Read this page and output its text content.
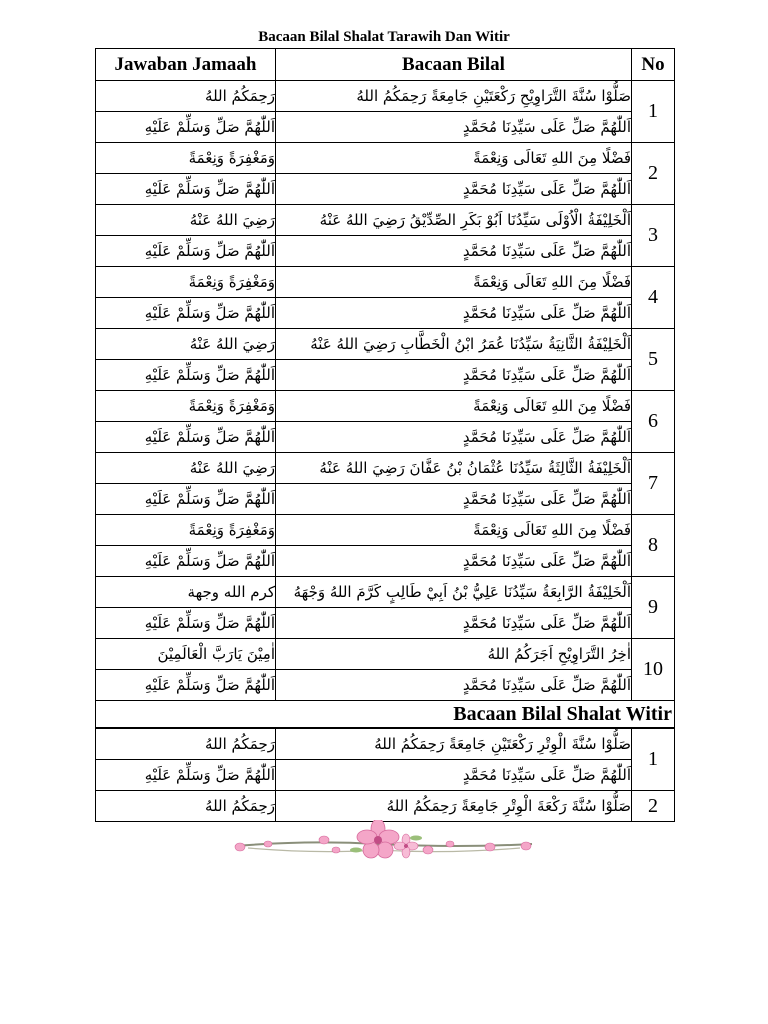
Bacaan Bilal Shalat Tarawih Dan Witir
Jawaban Jamaah	Bacaan Bilal	No
رَحِمَكُمُ اللهُ	صَلُّوْا سُنَّةَ التَّرَاوِيْحِ رَكْعَتَيْنِ جَامِعَةً رَحِمَكُمُ اللهُ	1
اَللّٰهُمَّ صَلِّ وَسَلِّمْ عَلَيْهِ	اَللّٰهُمَّ صَلِّ عَلَى سَيِّدِنَا مُحَمَّدٍ	
وَمَغْفِرَةً وَنِعْمَةً	فَضْلًا مِنَ اللهِ تَعَالَى وَنِعْمَةً	2
اَللّٰهُمَّ صَلِّ وَسَلِّمْ عَلَيْهِ	اَللّٰهُمَّ صَلِّ عَلَى سَيِّدِنَا مُحَمَّدٍ	
رَضِيَ اللهُ عَنْهُ	اَلْخَلِيْفَةُ الْاُوْلَى سَيِّدُنَا اَبُوْ بَكَرِ الصِّدِّيْقُ رَضِيَ اللهُ عَنْهُ	3
اَللّٰهُمَّ صَلِّ وَسَلِّمْ عَلَيْهِ	اَللّٰهُمَّ صَلِّ عَلَى سَيِّدِنَا مُحَمَّدٍ	
وَمَغْفِرَةً وَنِعْمَةً	فَضْلًا مِنَ اللهِ تَعَالَى وَنِعْمَةً	4
اَللّٰهُمَّ صَلِّ وَسَلِّمْ عَلَيْهِ	اَللّٰهُمَّ صَلِّ عَلَى سَيِّدِنَا مُحَمَّدٍ	
رَضِيَ اللهُ عَنْهُ	اَلْخَلِيْفَةُ الثَّانِيَةُ سَيِّدُنَا عُمَرُ ابْنُ الْخَطَّابِ رَضِيَ اللهُ عَنْهُ	5
اَللّٰهُمَّ صَلِّ وَسَلِّمْ عَلَيْهِ	اَللّٰهُمَّ صَلِّ عَلَى سَيِّدِنَا مُحَمَّدٍ	
وَمَغْفِرَةً وَنِعْمَةً	فَضْلًا مِنَ اللهِ تَعَالَى وَنِعْمَةً	6
اَللّٰهُمَّ صَلِّ وَسَلِّمْ عَلَيْهِ	اَللّٰهُمَّ صَلِّ عَلَى سَيِّدِنَا مُحَمَّدٍ	
رَضِيَ اللهُ عَنْهُ	اَلْخَلِيْفَةُ الثَّالِثَةُ سَيِّدُنَا عُثْمَانُ بْنُ عَفَّانَ رَضِيَ اللهُ عَنْهُ	7
اَللّٰهُمَّ صَلِّ وَسَلِّمْ عَلَيْهِ	اَللّٰهُمَّ صَلِّ عَلَى سَيِّدِنَا مُحَمَّدٍ	
وَمَغْفِرَةً وَنِعْمَةً	فَضْلًا مِنَ اللهِ تَعَالَى وَنِعْمَةً	8
اَللّٰهُمَّ صَلِّ وَسَلِّمْ عَلَيْهِ	اَللّٰهُمَّ صَلِّ عَلَى سَيِّدِنَا مُحَمَّدٍ	
كرم الله وجهة	اَلْخَلِيْفَةُ الرَّابِعَةُ سَيِّدُنَا عَلِيُّ بْنُ اَبِيْ طَالِبٍ كَرَّمَ اللهُ وَجْهَهُ	9
اَللّٰهُمَّ صَلِّ وَسَلِّمْ عَلَيْهِ	اَللّٰهُمَّ صَلِّ عَلَى سَيِّدِنَا مُحَمَّدٍ	
اٰمِيْنَ يَارَبَّ الْعَالَمِيْنَ	اٰخِرُ التَّرَاوِيْحِ اَجَرَكُمُ اللهُ	10
اَللّٰهُمَّ صَلِّ وَسَلِّمْ عَلَيْهِ	اَللّٰهُمَّ صَلِّ عَلَى سَيِّدِنَا مُحَمَّدٍ	
Bacaan Bilal Shalat Witir		
رَحِمَكُمُ اللهُ	صَلُّوْا سُنَّةَ الْوِتْرِ رَكْعَتَيْنِ جَامِعَةً رَحِمَكُمُ اللهُ	1
اَللّٰهُمَّ صَلِّ وَسَلِّمْ عَلَيْهِ	اَللّٰهُمَّ صَلِّ عَلَى سَيِّدِنَا مُحَمَّدٍ	
رَحِمَكُمُ اللهُ	صَلُّوْا سُنَّةَ رَكْعَةَ الْوِتْرِ جَامِعَةً رَحِمَكُمُ اللهُ	2
